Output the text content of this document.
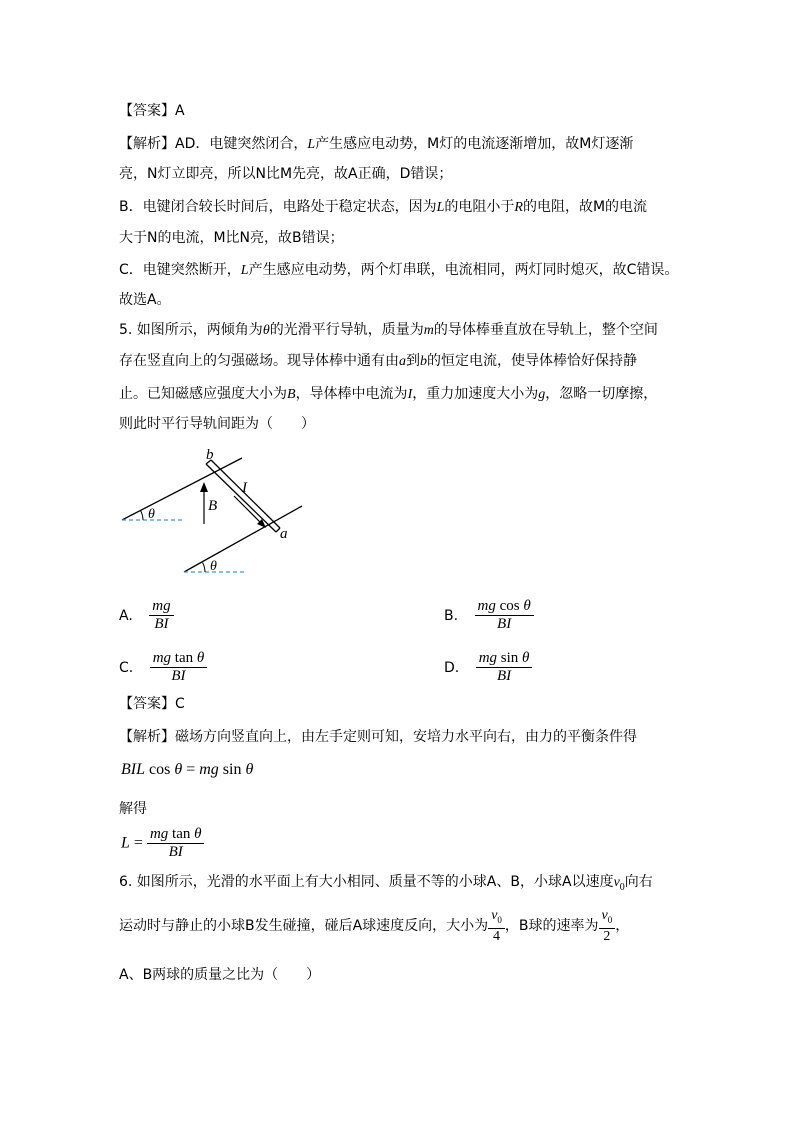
【答案】A
【解析】AD．电键突然闭合，L产生感应电动势，M灯的电流逐渐增加，故M灯逐渐
亮，N灯立即亮，所以N比M先亮，故A正确，D错误；
B．电键闭合较长时间后，电路处于稳定状态，因为L的电阻小于R的电阻，故M的电流
大于N的电流，M比N亮，故B错误；
C．电键突然断开，L产生感应电动势，两个灯串联，电流相同，两灯同时熄灭，故C错误。
故选A。
5. 如图所示，两倾角为θ的光滑平行导轨，质量为m的导体棒垂直放在导轨上，整个空间
存在竖直向上的匀强磁场。现导体棒中通有由a到b的恒定电流，使导体棒恰好保持静
止。已知磁感应强度大小为B，导体棒中电流为I，重力加速度大小为g，忽略一切摩擦，
则此时平行导轨间距为（　　）
b
a
B
I
θ
θ
A. $\frac{mg}{BI}$	B. $\frac{\text{mg cos θ}}{BI}$
C. $\frac{\text{mg tan θ}}{BI}$	D. $\frac{\text{mg sin θ}}{BI}$
【答案】C
【解析】磁场方向竖直向上，由左手定则可知，安培力水平向右，由力的平衡条件得
BIL cos θ = mg sin θ
解得
$L = \frac{\text{mg tan θ}}{BI}$
6. 如图所示，光滑的水平面上有大小相同、质量不等的小球A、B，小球A以速度$v_0$向右
运动时与静止的小球B发生碰撞，碰后A球速度反向，大小为 $\frac{v_0}{4}$ ，B球的速率为 $\frac{v_0}{2}$ ，
A、B两球的质量之比为（　　）
